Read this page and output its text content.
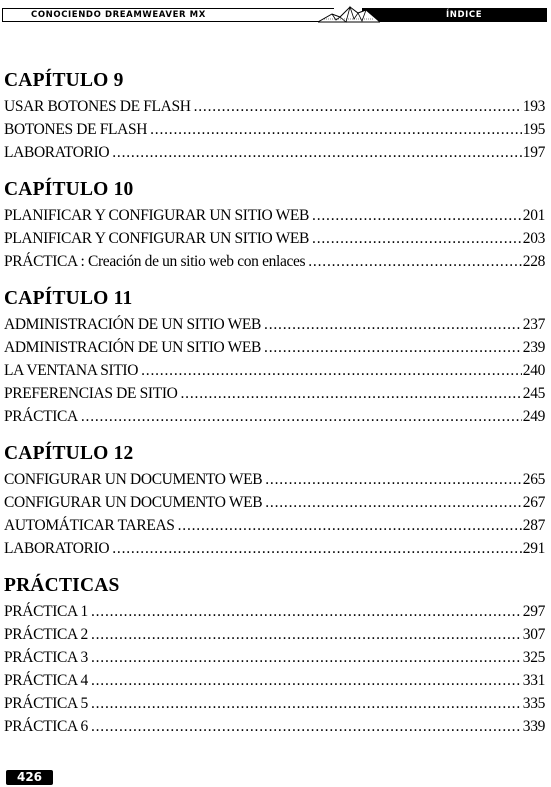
CONOCIENDO DREAMWEAVER MX	ÍNDICE
CAPÍTULO 9
USAR BOTONES DE FLASH .....	193
BOTONES DE FLASH .....	195
LABORATORIO .....	197
CAPÍTULO 10
PLANIFICAR Y CONFIGURAR UN SITIO WEB .....	201
PLANIFICAR Y CONFIGURAR UN SITIO WEB .....	203
PRÁCTICA : Creación de un sitio web con enlaces .....	228
CAPÍTULO 11
ADMINISTRACIÓN DE UN SITIO WEB .....	237
ADMINISTRACIÓN DE UN SITIO WEB .....	239
LA VENTANA SITIO .....	240
PREFERENCIAS DE SITIO .....	245
PRÁCTICA .....	249
CAPÍTULO 12
CONFIGURAR UN DOCUMENTO WEB .....	265
CONFIGURAR UN DOCUMENTO WEB .....	267
AUTOMÁTICAR TAREAS .....	287
LABORATORIO .....	291
PRÁCTICAS
PRÁCTICA 1 .....	297
PRÁCTICA 2 .....	307
PRÁCTICA 3 .....	325
PRÁCTICA 4 .....	331
PRÁCTICA 5 .....	335
PRÁCTICA 6 .....	339
426
